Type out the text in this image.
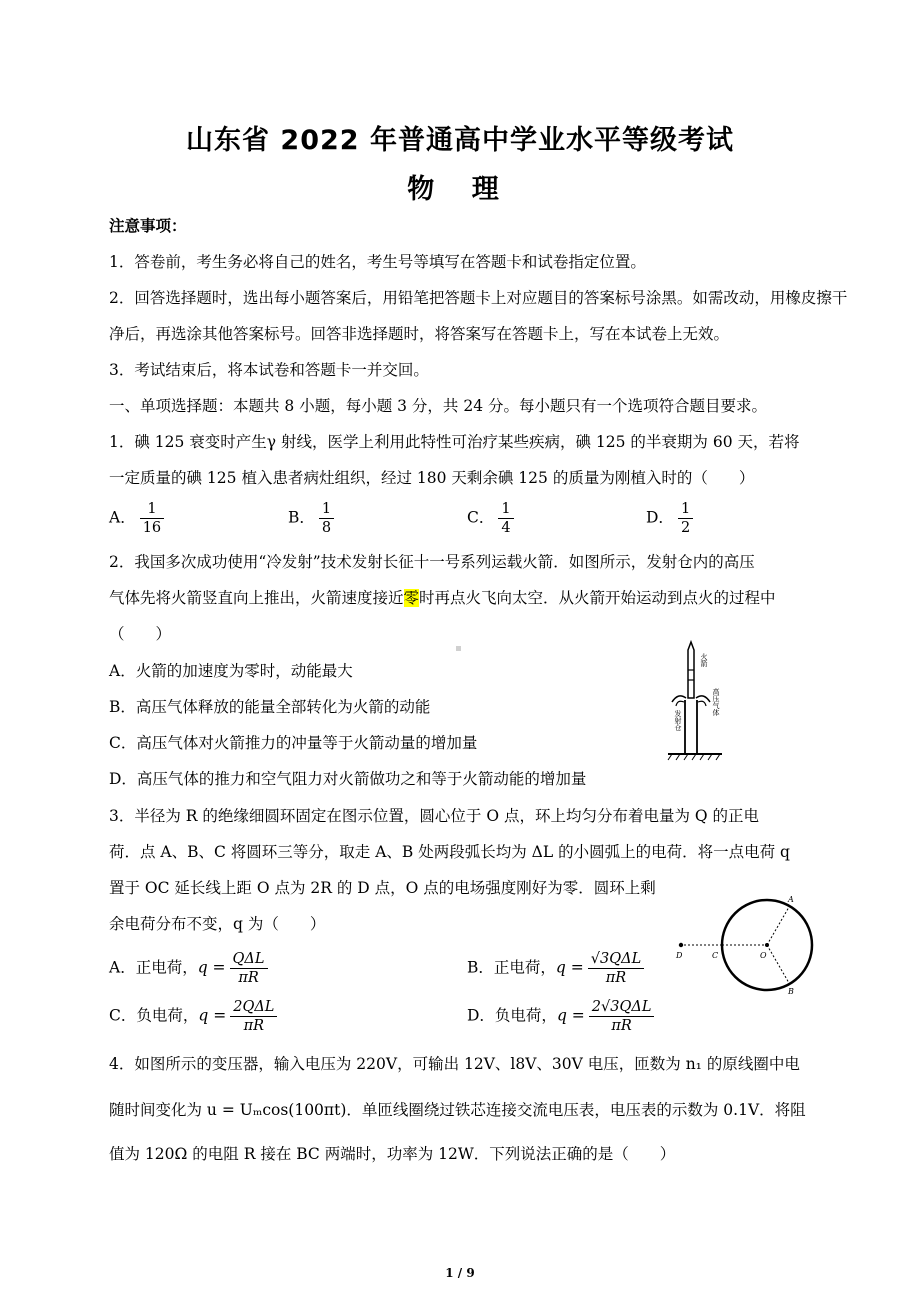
山东省 2022 年普通高中学业水平等级考试
物 理
注意事项：
1．答卷前，考生务必将自己的姓名，考生号等填写在答题卡和试卷指定位置。
2．回答选择题时，选出每小题答案后，用铅笔把答题卡上对应题目的答案标号涂黑。如需改动，用橡皮擦干
净后，再选涂其他答案标号。回答非选择题时，将答案写在答题卡上，写在本试卷上无效。
3．考试结束后，将本试卷和答题卡一并交回。
一、单项选择题：本题共 8 小题，每小题 3 分，共 24 分。每小题只有一个选项符合题目要求。
1．碘 125 衰变时产生γ 射线，医学上利用此特性可治疗某些疾病，碘 125 的半衰期为 60 天，若将
一定质量的碘 125 植入患者病灶组织，经过 180 天剩余碘 125 的质量为刚植入时的（　　）
A． $\frac{1}{16}$	B． $\frac{1}{8}$	C． $\frac{1}{4}$	D． $\frac{1}{2}$
2．我国多次成功使用“冷发射”技术发射长征十一号系列运载火箭．如图所示，发射仓内的高压
气体先将火箭竖直向上推出，火箭速度接近零时再点火飞向太空．从火箭开始运动到点火的过程中
（　　）
A．火箭的加速度为零时，动能最大
B．高压气体释放的能量全部转化为火箭的动能
C．高压气体对火箭推力的冲量等于火箭动量的增加量
D．高压气体的推力和空气阻力对火箭做功之和等于火箭动能的增加量
火箭
高压气体
发射仓
3．半径为 R 的绝缘细圆环固定在图示位置，圆心位于 O 点，环上均匀分布着电量为 Q 的正电
荷．点 A、B、C 将圆环三等分，取走 A、B 处两段弧长均为 ΔL 的小圆弧上的电荷．将一点电荷 q
置于 OC 延长线上距 O 点为 2R 的 D 点，O 点的电场强度刚好为零．圆环上剩
余电荷分布不变，q 为（　　）
A
B
C
D	O
A．正电荷，$q = \frac{\text{QΔL}}{\pi R}$	B．正电荷，$q = \frac{\text{√3QΔL}}{\pi R}$
C．负电荷，$q = \frac{\text{2QΔL}}{\pi R}$	D．负电荷，$q = \frac{\text{2√3QΔL}}{\pi R}$
4．如图所示的变压器，输入电压为 220V，可输出 12V、l8V、30V 电压，匝数为 n₁ 的原线圈中电
随时间变化为 u = Uₘcos(100πt)．单匝线圈绕过铁芯连接交流电压表，电压表的示数为 0.1V．将阻
值为 120Ω 的电阻 R 接在 BC 两端时，功率为 12W．下列说法正确的是（　　）
1 / 9
